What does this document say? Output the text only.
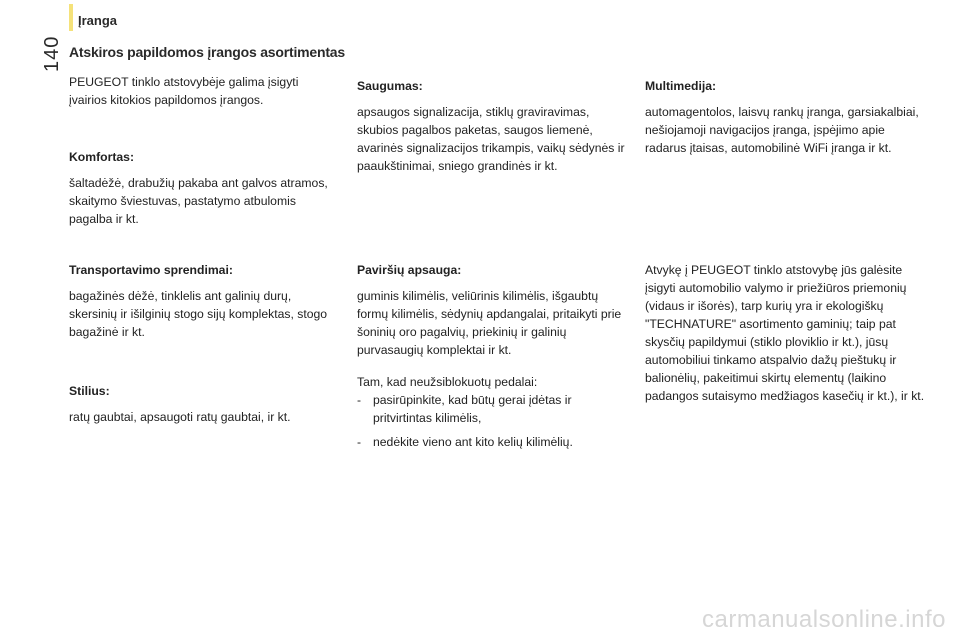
Įranga
140 Atskiros papildomos įrangos asortimentas

PEUGEOT tinklo atstovybėje galima įsigyti įvairios kitokios papildomos įrangos.

Komfortas:

šaltadėžė, drabužių pakaba ant galvos atramos, skaitymo šviestuvas, pastatymo atbulomis pagalba ir kt.

Transportavimo sprendimai:

bagažinės dėžė, tinklelis ant galinių durų, skersinių ir išilginių stogo sijų komplektas, stogo bagažinė ir kt.

Stilius:

ratų gaubtai, apsaugoti ratų gaubtai, ir kt.

Saugumas:

apsaugos signalizacija, stiklų graviravimas, skubios pagalbos paketas, saugos liemenė, avarinės signalizacijos trikampis, vaikų sėdynės ir paaukštinimai, sniego grandinės ir kt.

Paviršių apsauga:

guminis kilimėlis, veliūrinis kilimėlis, išgaubtų formų kilimėlis, sėdynių apdangalai, pritaikyti prie šoninių oro pagalvių, priekinių ir galinių purvasaugių komplektai ir kt.

Tam, kad neužsiblokuotų pedalai:

- pasirūpinkite, kad būtų gerai įdėtas ir pritvirtintas kilimėlis,
- nedėkite vieno ant kito kelių kilimėlių.

Multimedija:

automagentolos, laisvų rankų įranga, garsiakalbiai, nešiojamoji navigacijos įranga, įspėjimo apie radarus įtaisas, automobilinė WiFi įranga ir kt.

Atvykę į PEUGEOT tinklo atstovybę jūs galėsite įsigyti automobilio valymo ir priežiūros priemonių (vidaus ir išorės), tarp kurių yra ir ekologiškų "TECHNATURE" asortimento gaminių; taip pat skysčių papildymui (stiklo ploviklio ir kt.), jūsų automobiliui tinkamo atspalvio dažų pieštukų ir balionėlių, pakeitimui skirtų elementų (laikino padangos sutaisymo medžiagos kasečių ir kt.), ir kt.

carmanualsonline.info
